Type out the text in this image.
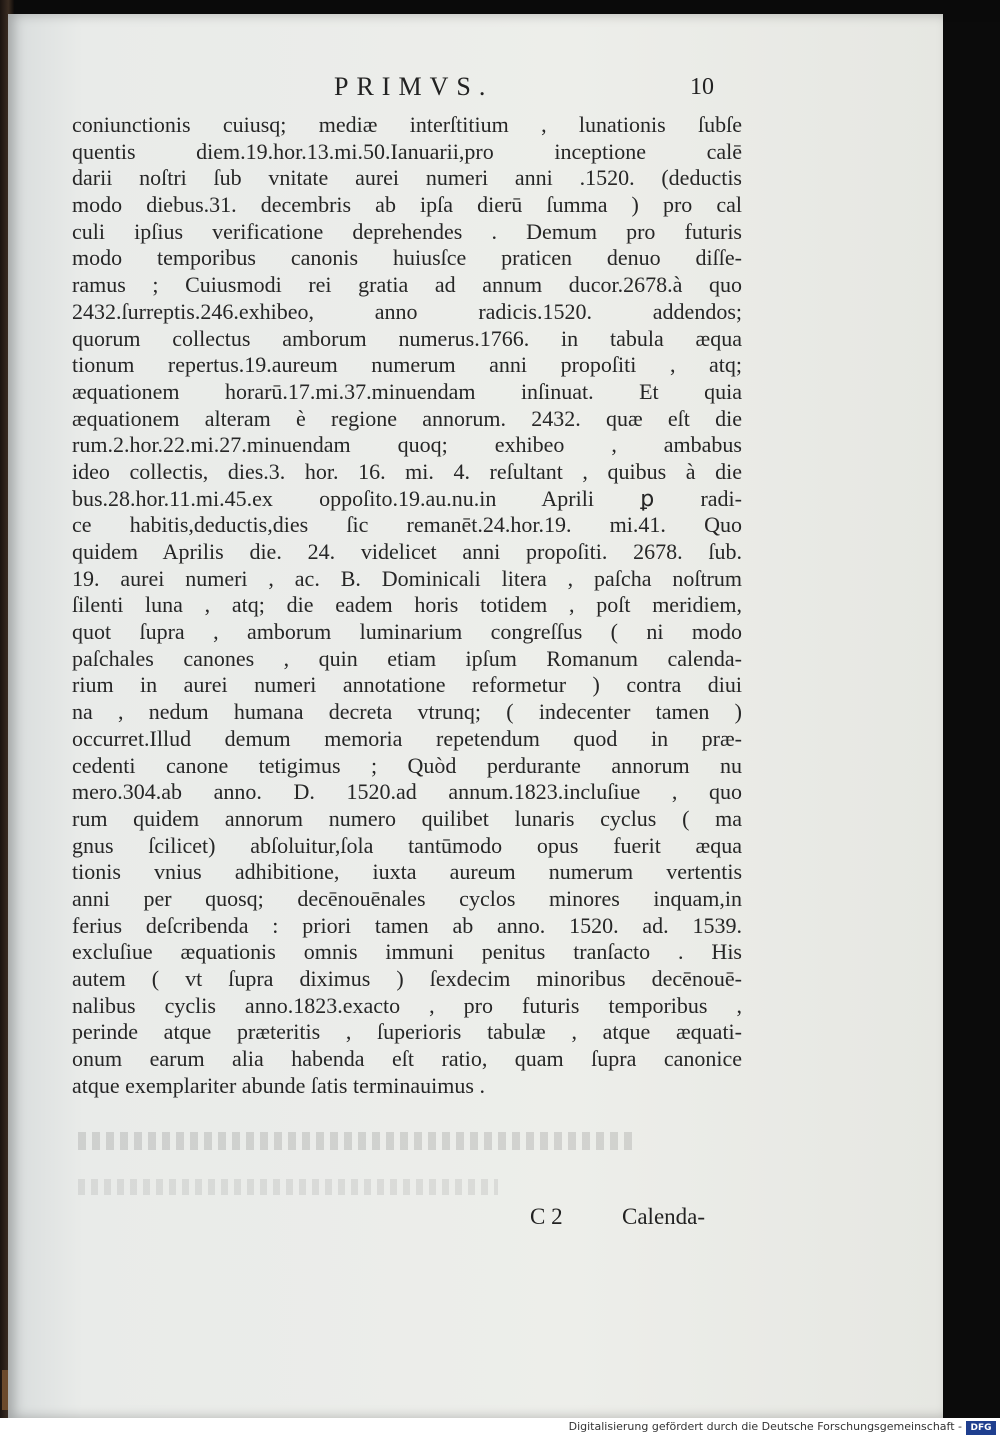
PRIMVS.	10
coniunctionis cuiusq; mediæ interſtitium , lunationis ſubſe
quentis diem.19.hor.13.mi.50.Ianuarii,pro inceptione calē
darii noſtri ſub vnitate aurei numeri anni .1520. (deductis
modo diebus.31. decembris ab ipſa dierū ſumma ) pro cal
culi ipſius verificatione deprehendes . Demum pro futuris
modo temporibus canonis huiusſce praticen denuo diſſe-
ramus ; Cuiusmodi rei gratia ad annum ducor.2678.à quo
2432.ſurreptis.246.exhibeo, anno radicis.1520. addendos;
quorum collectus amborum numerus.1766. in tabula æqua
tionum repertus.19.aureum numerum anni propoſiti , atq;
æquationem horarū.17.mi.37.minuendam inſinuat. Et quia
æquationem alteram è regione annorum. 2432. quæ eſt die
rum.2.hor.22.mi.27.minuendam quoq; exhibeo , ambabus
ideo collectis, dies.3. hor. 16. mi. 4. reſultant , quibus à die
bus.28.hor.11.mi.45.ex oppoſito.19.au.nu.in Aprili ꝑ radi-
ce habitis,deductis,dies ſic remanēt.24.hor.19. mi.41. Quo
quidem Aprilis die. 24. videlicet anni propoſiti. 2678. ſub.
19. aurei numeri , ac. B. Dominicali litera , paſcha noſtrum
ſilenti luna , atq; die eadem horis totidem , poſt meridiem,
quot ſupra , amborum luminarium congreſſus ( ni modo
paſchales canones , quin etiam ipſum Romanum calenda-
rium in aurei numeri annotatione reformetur ) contra diui
na , nedum humana decreta vtrunq; ( indecenter tamen )
occurret.Illud demum memoria repetendum quod in præ-
cedenti canone tetigimus ; Quòd perdurante annorum nu
mero.304.ab anno. D. 1520.ad annum.1823.incluſiue , quo
rum quidem annorum numero quilibet lunaris cyclus ( ma
gnus ſcilicet) abſoluitur,ſola tantūmodo opus fuerit æqua
tionis vnius adhibitione, iuxta aureum numerum vertentis
anni per quosq; decēnouēnales cyclos minores inquam,in
ferius deſcribenda : priori tamen ab anno. 1520. ad. 1539.
excluſiue æquationis omnis immuni penitus tranſacto . His
autem ( vt ſupra diximus ) ſexdecim minoribus decēnouē-
nalibus cyclis anno.1823.exacto , pro futuris temporibus ,
perinde atque præteritis , ſuperioris tabulæ , atque æquati-
onum earum alia habenda eſt ratio, quam ſupra canonice
atque exemplariter abunde ſatis terminauimus .
C 2	Calenda-
Digitalisierung gefördert durch die Deutsche Forschungsgemeinschaft - DFG
